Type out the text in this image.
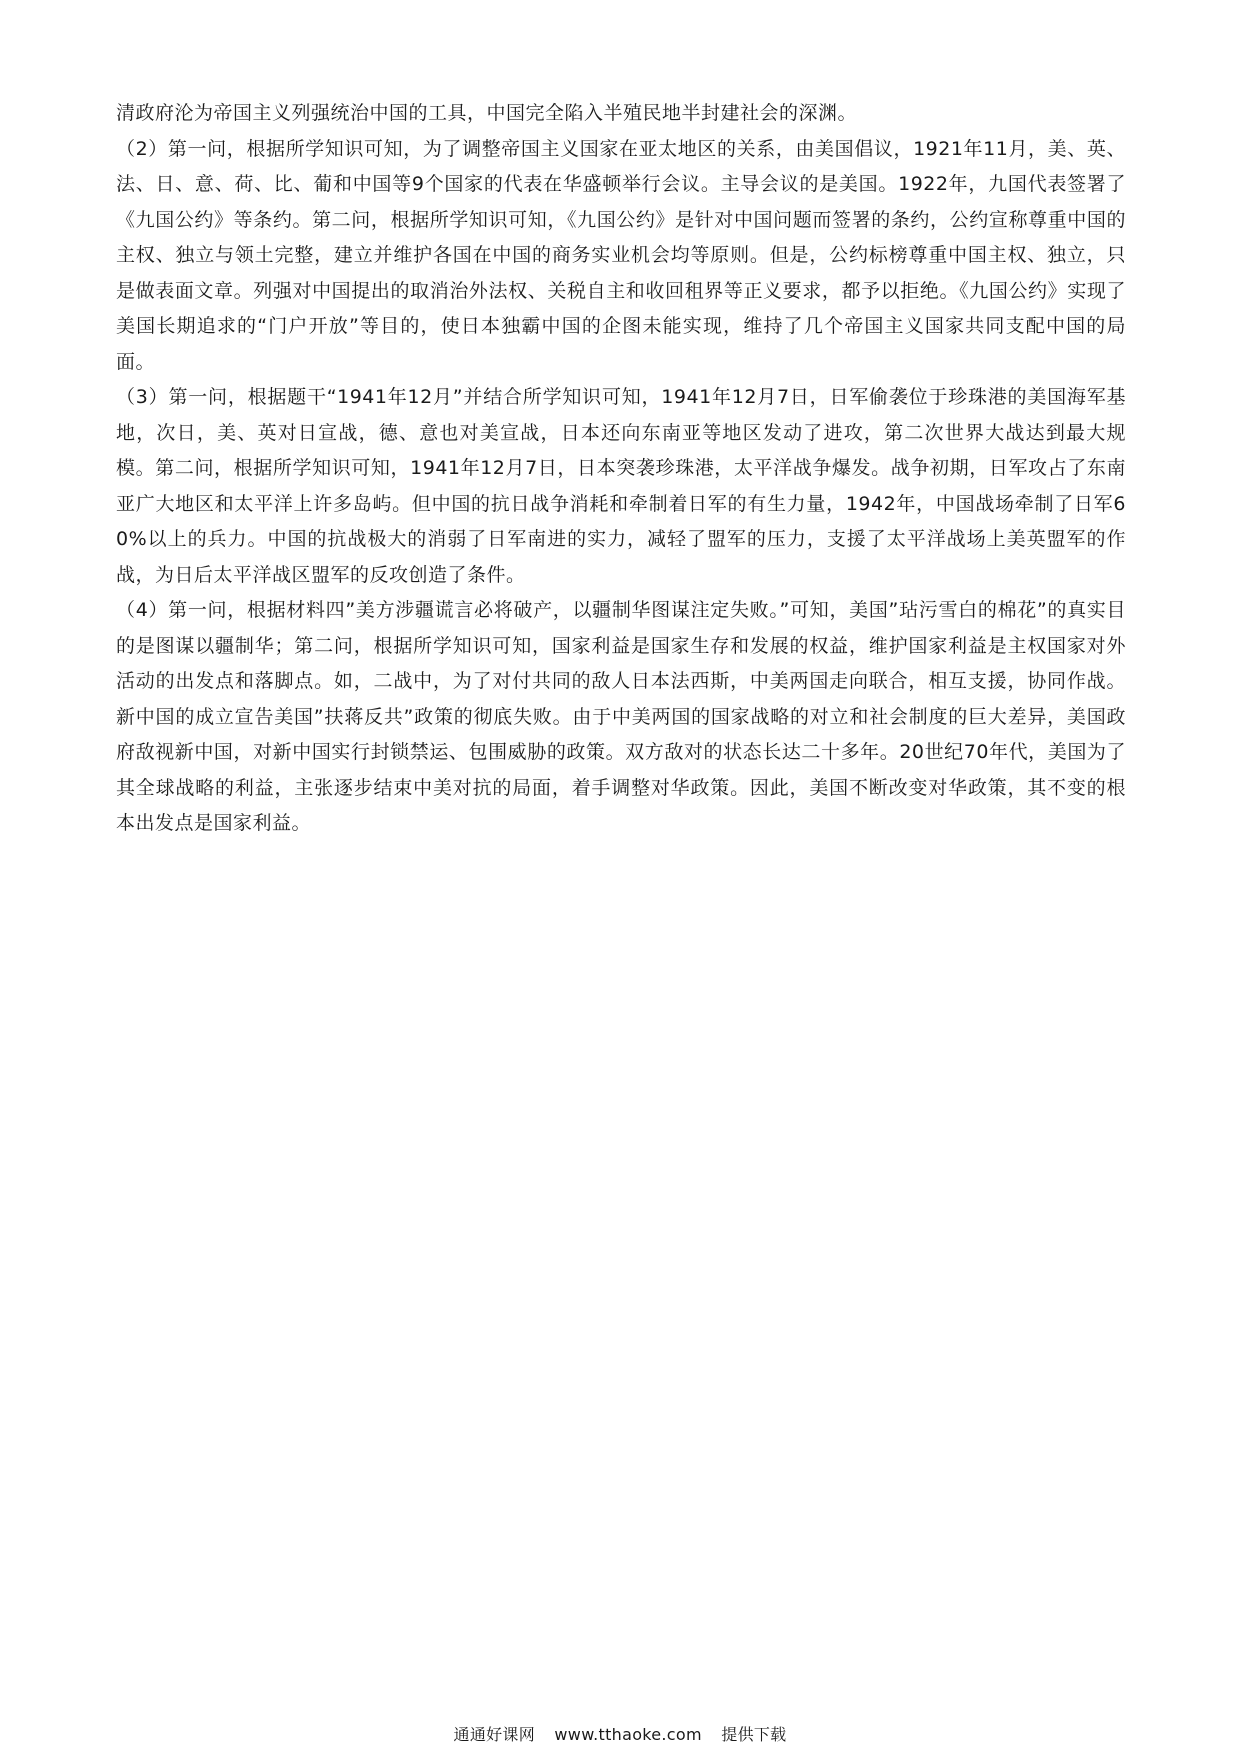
清政府沦为帝国主义列强统治中国的工具，中国完全陷入半殖民地半封建社会的深渊。

（2）第一问，根据所学知识可知，为了调整帝国主义国家在亚太地区的关系，由美国倡议，1921年11月，美、英、法、日、意、荷、比、葡和中国等9个国家的代表在华盛顿举行会议。主导会议的是美国。1922年，九国代表签署了《九国公约》等条约。第二问，根据所学知识可知，《九国公约》是针对中国问题而签署的条约，公约宣称尊重中国的主权、独立与领土完整，建立并维护各国在中国的商务实业机会均等原则。但是，公约标榜尊重中国主权、独立，只是做表面文章。列强对中国提出的取消治外法权、关税自主和收回租界等正义要求，都予以拒绝。《九国公约》实现了美国长期追求的“门户开放”等目的，使日本独霸中国的企图未能实现，维持了几个帝国主义国家共同支配中国的局面。

（3）第一问，根据题干“1941年12月”并结合所学知识可知，1941年12月7日，日军偷袭位于珍珠港的美国海军基地，次日，美、英对日宣战，德、意也对美宣战，日本还向东南亚等地区发动了进攻，第二次世界大战达到最大规模。第二问，根据所学知识可知，1941年12月7日，日本突袭珍珠港，太平洋战争爆发。战争初期，日军攻占了东南亚广大地区和太平洋上许多岛屿。但中国的抗日战争消耗和牵制着日军的有生力量，1942年，中国战场牵制了日军60%以上的兵力。中国的抗战极大的消弱了日军南进的实力，减轻了盟军的压力，支援了太平洋战场上美英盟军的作战，为日后太平洋战区盟军的反攻创造了条件。

（4）第一问，根据材料四”美方涉疆谎言必将破产，以疆制华图谋注定失败。”可知，美国”玷污雪白的棉花”的真实目的是图谋以疆制华；第二问，根据所学知识可知，国家利益是国家生存和发展的权益，维护国家利益是主权国家对外活动的出发点和落脚点。如，二战中，为了对付共同的敌人日本法西斯，中美两国走向联合，相互支援，协同作战。新中国的成立宣告美国”扶蒋反共”政策的彻底失败。由于中美两国的国家战略的对立和社会制度的巨大差异，美国政府敌视新中国，对新中国实行封锁禁运、包围威胁的政策。双方敌对的状态长达二十多年。20世纪70年代，美国为了其全球战略的利益，主张逐步结束中美对抗的局面，着手调整对华政策。因此，美国不断改变对华政策，其不变的根本出发点是国家利益。

通通好课网 www.tthaoke.com 提供下载
